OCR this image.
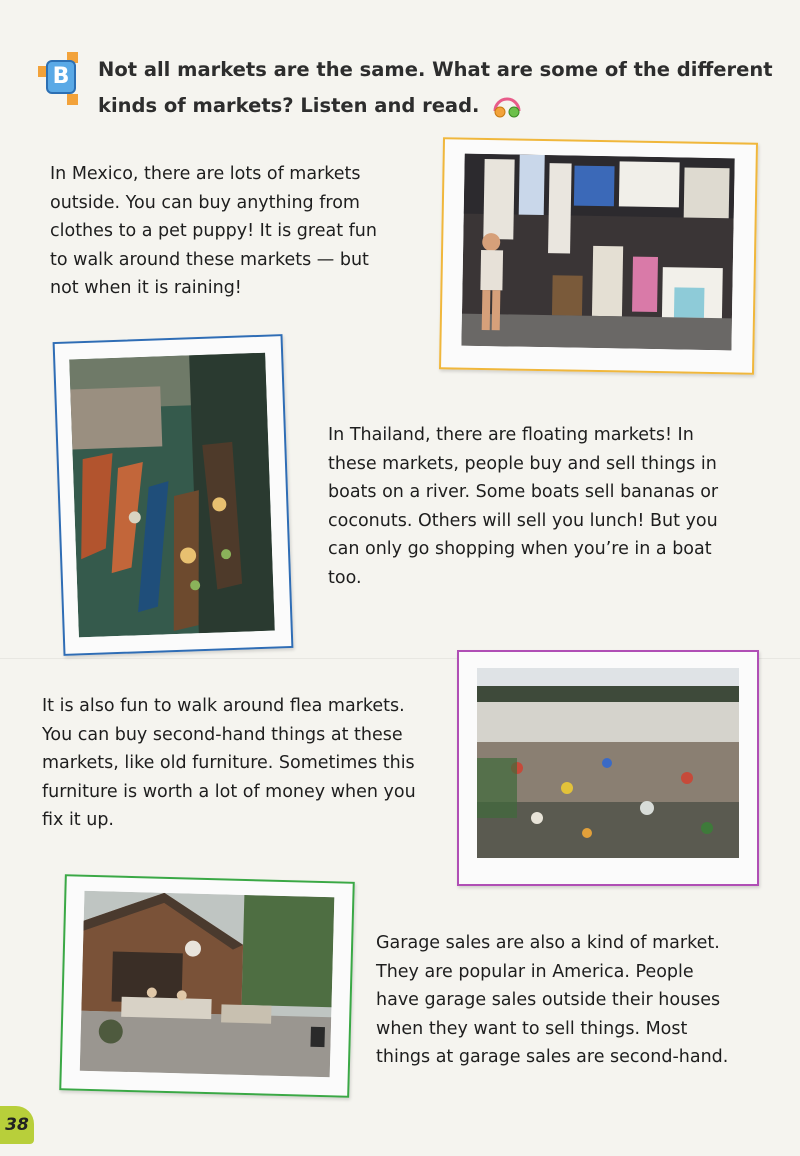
B	Not all markets are the same. What are some of the different
kinds of markets? Listen and read.
In Mexico, there are lots of markets
outside. You can buy anything from
clothes to a pet puppy! It is great fun
to walk around these markets — but
not when it is raining!
In Thailand, there are floating markets! In
these markets, people buy and sell things in
boats on a river. Some boats sell bananas or
coconuts. Others will sell you lunch! But you
can only go shopping when you’re in a boat
too.
It is also fun to walk around flea markets.
You can buy second-hand things at these
markets, like old furniture. Sometimes this
furniture is worth a lot of money when you
fix it up.
Garage sales are also a kind of market.
They are popular in America. People
have garage sales outside their houses
when they want to sell things. Most
things at garage sales are second-hand.
38
